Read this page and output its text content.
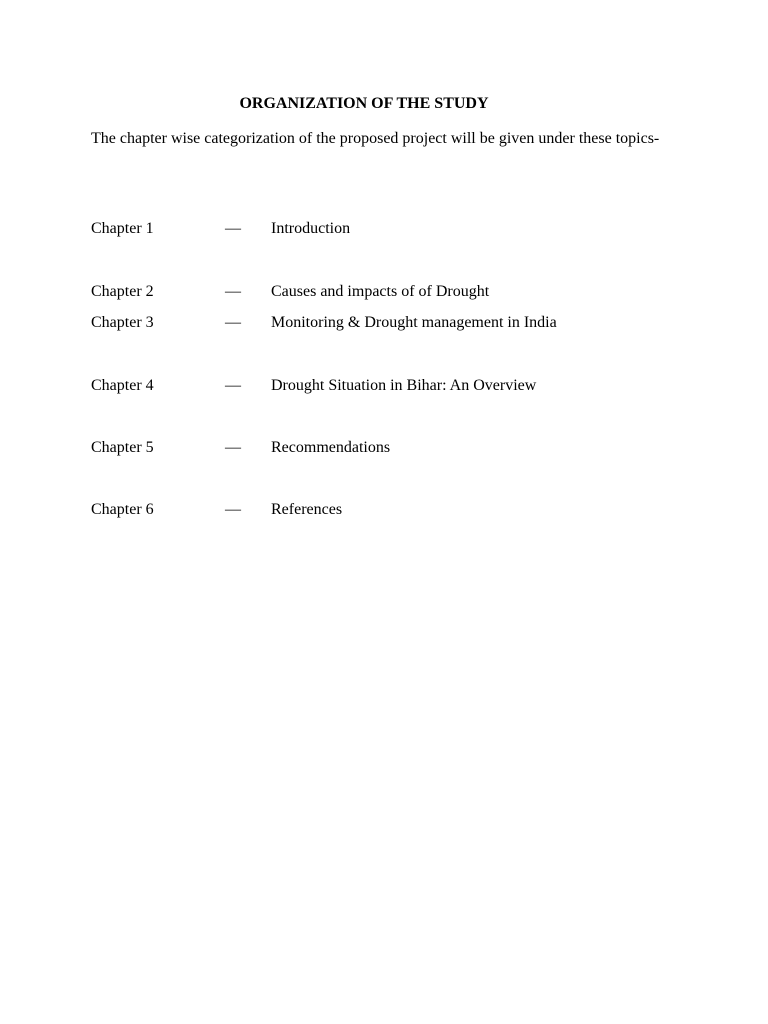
ORGANIZATION OF THE STUDY
The chapter wise categorization of the proposed project will be given under these topics-
Chapter 1	— Introduction
Chapter 2	— Causes and impacts of of Drought
Chapter 3	— Monitoring & Drought management in India
Chapter 4	— Drought Situation in Bihar: An Overview
Chapter 5	— Recommendations
Chapter 6	— References
